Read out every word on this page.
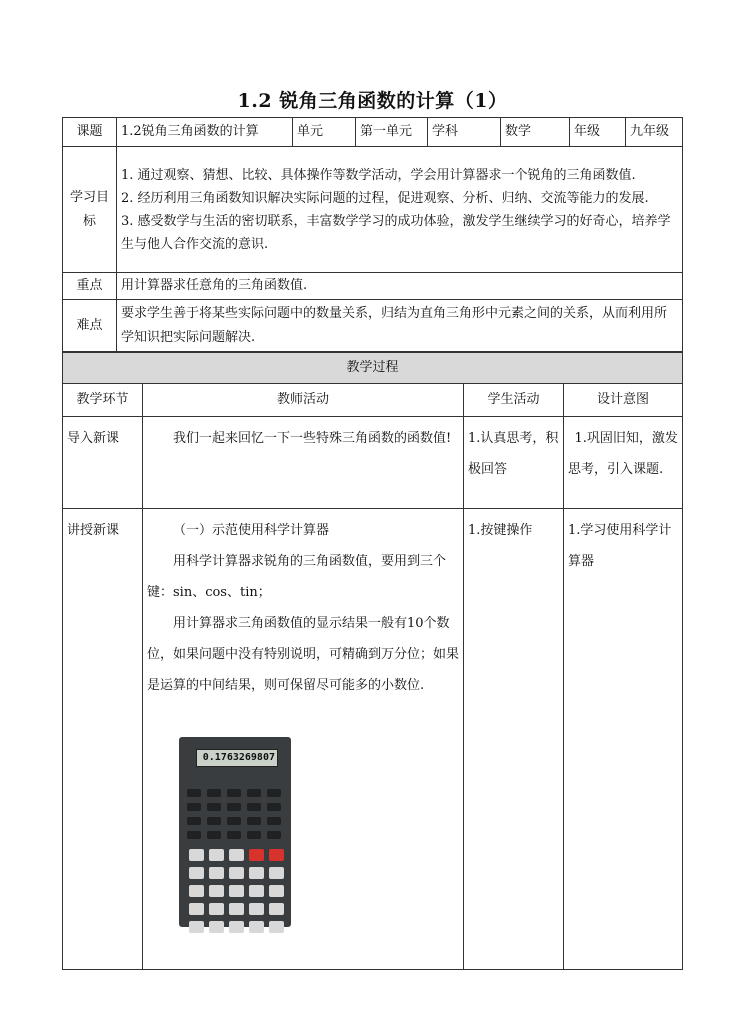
1.2 锐角三角函数的计算（1）
课题	1.2锐角三角函数的计算	单元	第一单元	学科	数学	年级	九年级
学习目标	1. 通过观察、猜想、比较、具体操作等数学活动，学会用计算器求一个锐角的三角函数值.

2. 经历利用三角函数知识解决实际问题的过程，促进观察、分析、归纳、交流等能力的发展.

3. 感受数学与生活的密切联系，丰富数学学习的成功体验，激发学生继续学习的好奇心，培养学生与他人合作交流的意识.						

重点	用计算器求任意角的三角函数值.						
难点	要求学生善于将某些实际问题中的数量关系，归结为直角三角形中元素之间的关系，从而利用所学知识把实际问题解决.						
教学过程			
教学环节	教师活动	学生活动	设计意图

导入新课	我们一起来回忆一下一些特殊三角函数的函数值!	1.认真思考，积极回答	1.巩固旧知，激发思考，引入课题.

讲授新课	（一）示范使用科学计算器

用科学计算器求锐角的三角函数值，要用到三个键：sin、cos、tin；

用计算器求三角函数值的显示结果一般有10个数位，如果问题中没有特别说明，可精确到万分位；如果是运算的中间结果，则可保留尽可能多的小数位.	1.按键操作	1.学习使用科学计算器

0.1763269807
